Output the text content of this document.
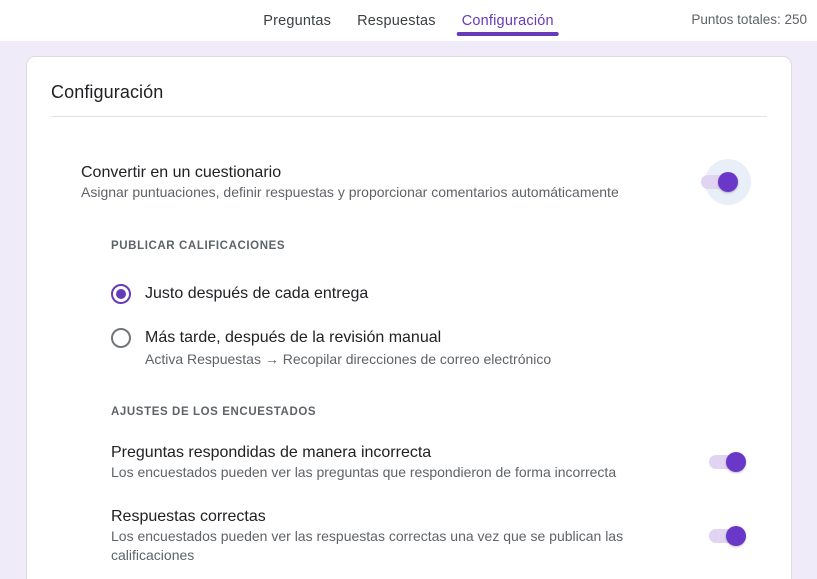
Preguntas	Respuestas	Configuración	Puntos totales: 250
Configuración
Convertir en un cuestionario
Asignar puntuaciones, definir respuestas y proporcionar comentarios automáticamente
PUBLICAR CALIFICACIONES
Justo después de cada entrega
Más tarde, después de la revisión manual
Activa Respuestas → Recopilar direcciones de correo electrónico
AJUSTES DE LOS ENCUESTADOS
Preguntas respondidas de manera incorrecta
Los encuestados pueden ver las preguntas que respondieron de forma incorrecta
Respuestas correctas
Los encuestados pueden ver las respuestas correctas una vez que se publican las calificaciones
